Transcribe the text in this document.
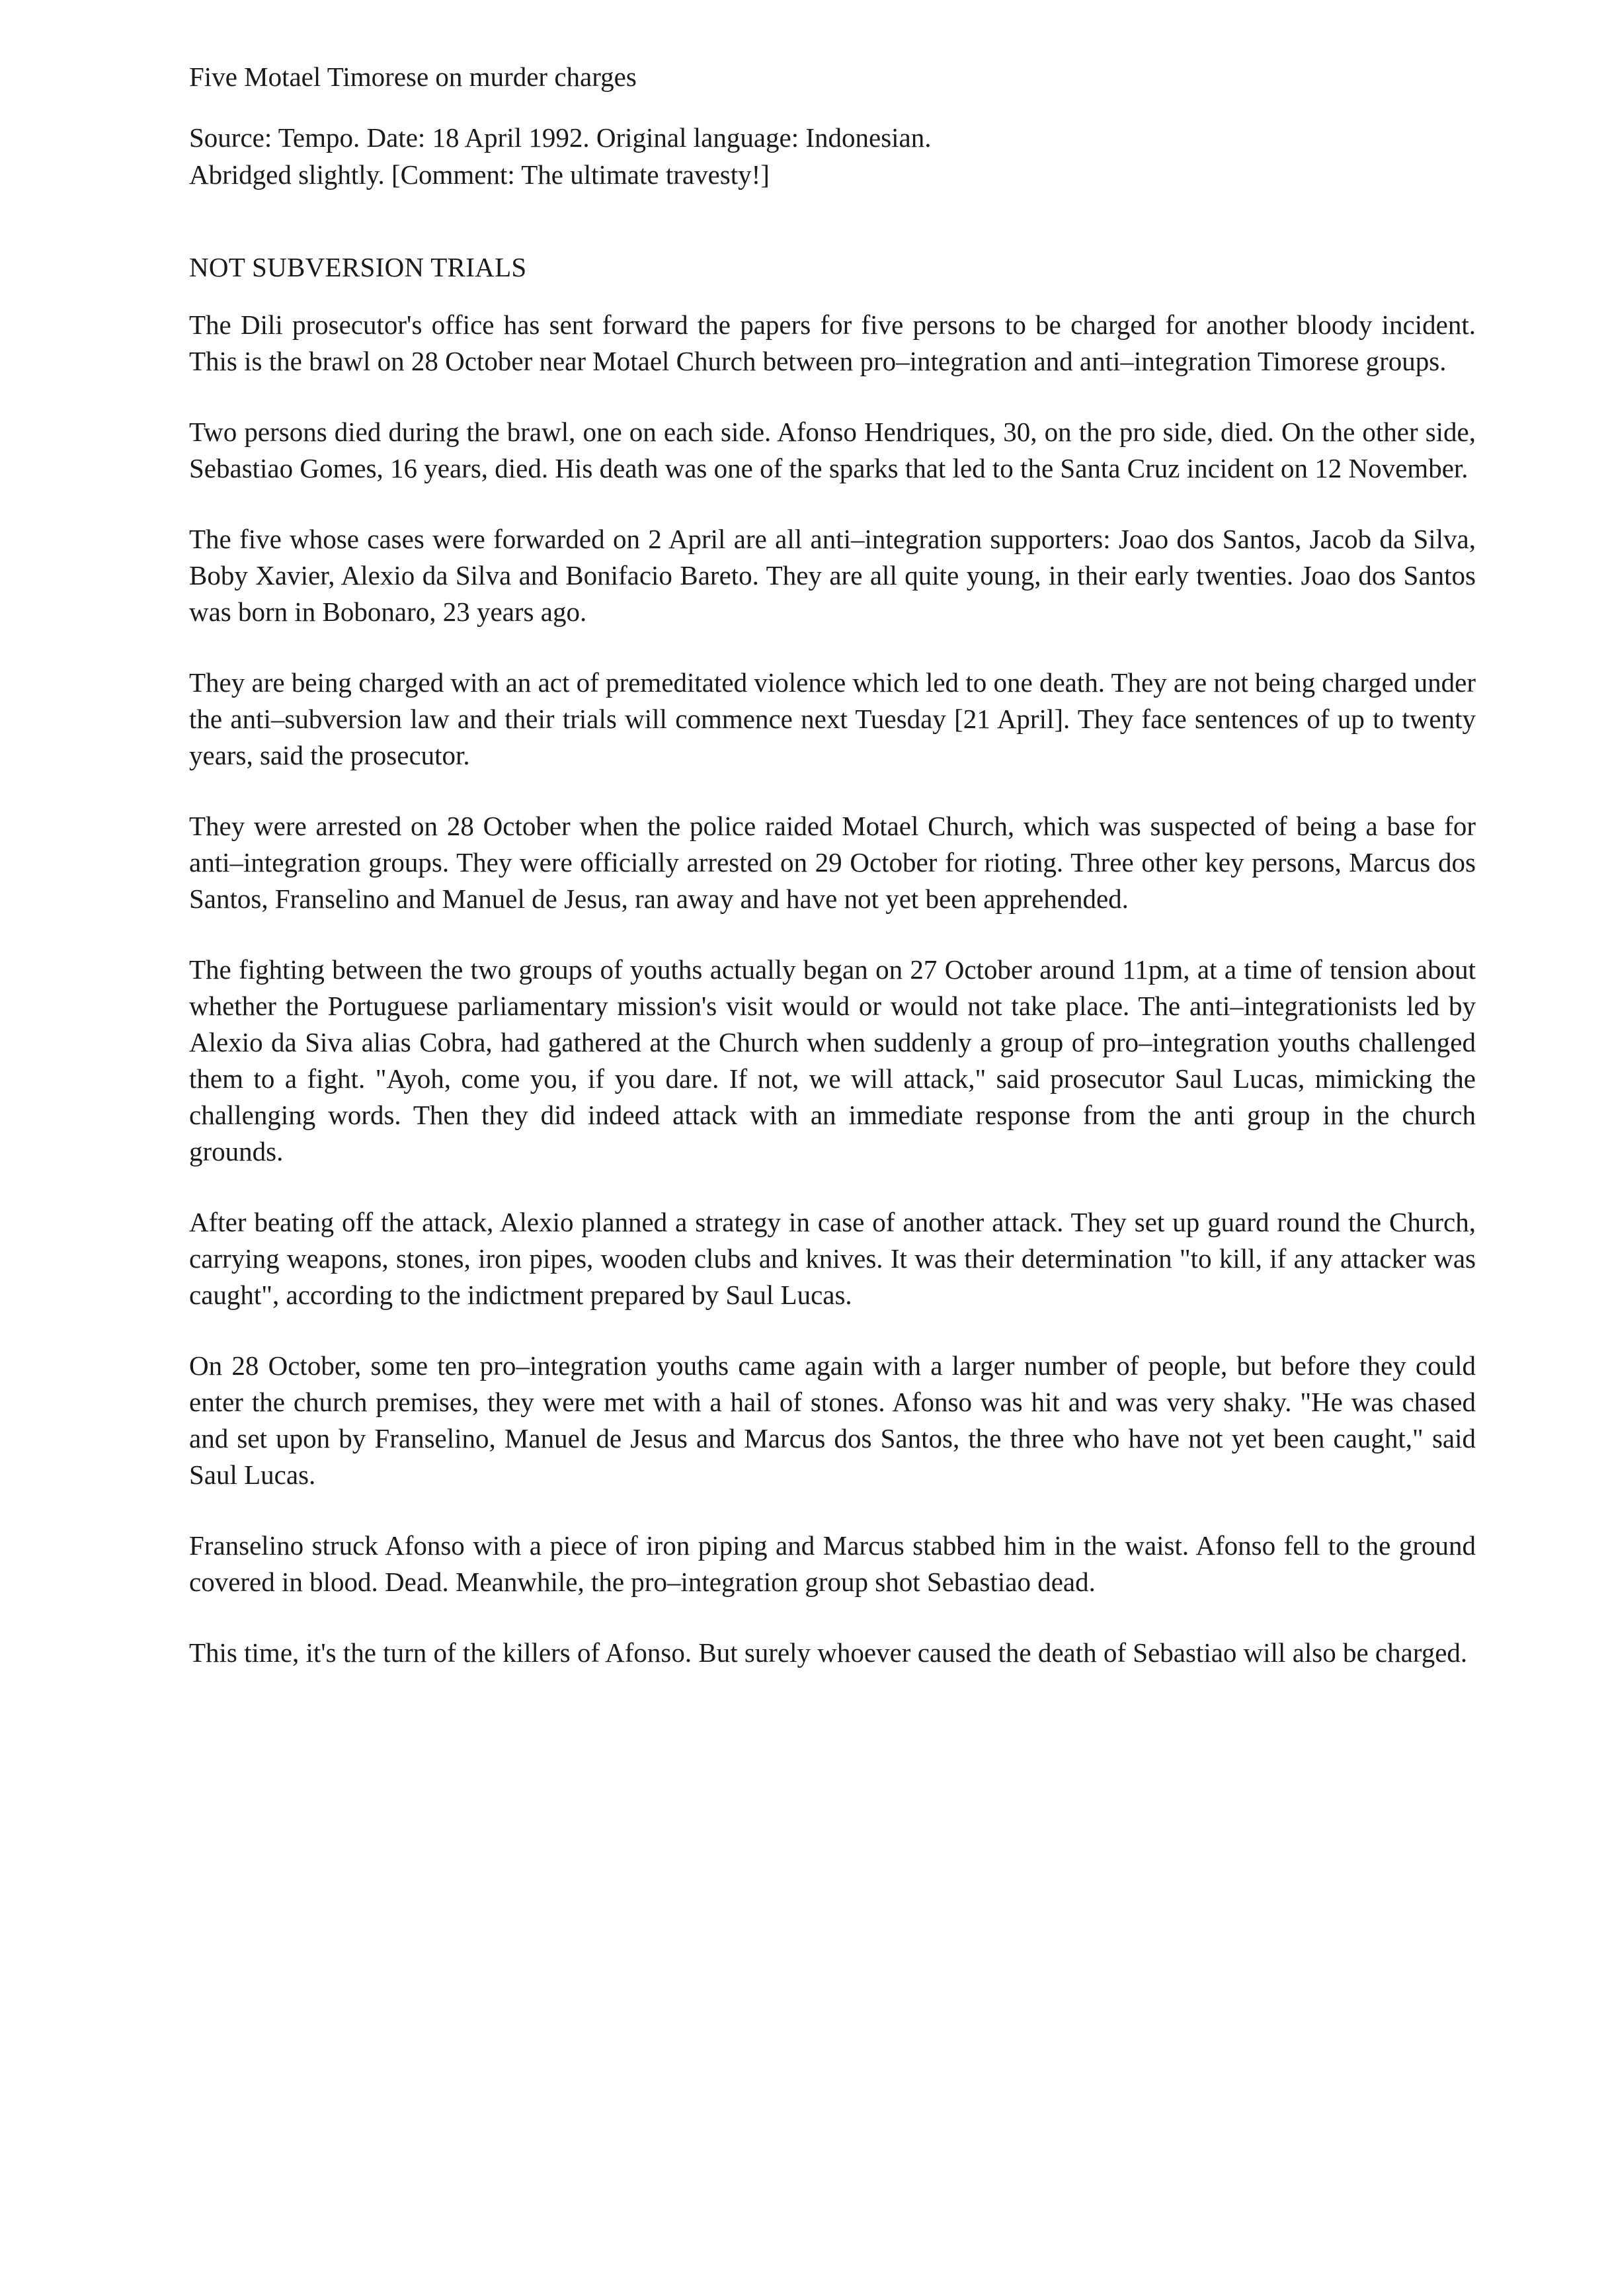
Five Motael Timorese on murder charges
Source: Tempo. Date: 18 April 1992. Original language: Indonesian.
Abridged slightly. [Comment: The ultimate travesty!]
NOT SUBVERSION TRIALS

The Dili prosecutor's office has sent forward the papers for five persons to be charged for another bloody incident. This is the brawl on 28 October near Motael Church between pro–integration and anti–integration Timorese groups.

Two persons died during the brawl, one on each side. Afonso Hendriques, 30, on the pro side, died. On the other side, Sebastiao Gomes, 16 years, died. His death was one of the sparks that led to the Santa Cruz incident on 12 November.

The five whose cases were forwarded on 2 April are all anti–integration supporters: Joao dos Santos, Jacob da Silva, Boby Xavier, Alexio da Silva and Bonifacio Bareto. They are all quite young, in their early twenties. Joao dos Santos was born in Bobonaro, 23 years ago.

They are being charged with an act of premeditated violence which led to one death. They are not being charged under the anti–subversion law and their trials will commence next Tuesday [21 April]. They face sentences of up to twenty years, said the prosecutor.

They were arrested on 28 October when the police raided Motael Church, which was suspected of being a base for anti–integration groups. They were officially arrested on 29 October for rioting. Three other key persons, Marcus dos Santos, Franselino and Manuel de Jesus, ran away and have not yet been apprehended.

The fighting between the two groups of youths actually began on 27 October around 11pm, at a time of tension about whether the Portuguese parliamentary mission's visit would or would not take place. The anti–integrationists led by Alexio da Siva alias Cobra, had gathered at the Church when suddenly a group of pro–integration youths challenged them to a fight. "Ayoh, come you, if you dare. If not, we will attack," said prosecutor Saul Lucas, mimicking the challenging words. Then they did indeed attack with an immediate response from the anti group in the church grounds.

After beating off the attack, Alexio planned a strategy in case of another attack. They set up guard round the Church, carrying weapons, stones, iron pipes, wooden clubs and knives. It was their determination "to kill, if any attacker was caught", according to the indictment prepared by Saul Lucas.

On 28 October, some ten pro–integration youths came again with a larger number of people, but before they could enter the church premises, they were met with a hail of stones. Afonso was hit and was very shaky. "He was chased and set upon by Franselino, Manuel de Jesus and Marcus dos Santos, the three who have not yet been caught," said Saul Lucas.

Franselino struck Afonso with a piece of iron piping and Marcus stabbed him in the waist. Afonso fell to the ground covered in blood. Dead. Meanwhile, the pro–integration group shot Sebastiao dead.

This time, it's the turn of the killers of Afonso. But surely whoever caused the death of Sebastiao will also be charged.
